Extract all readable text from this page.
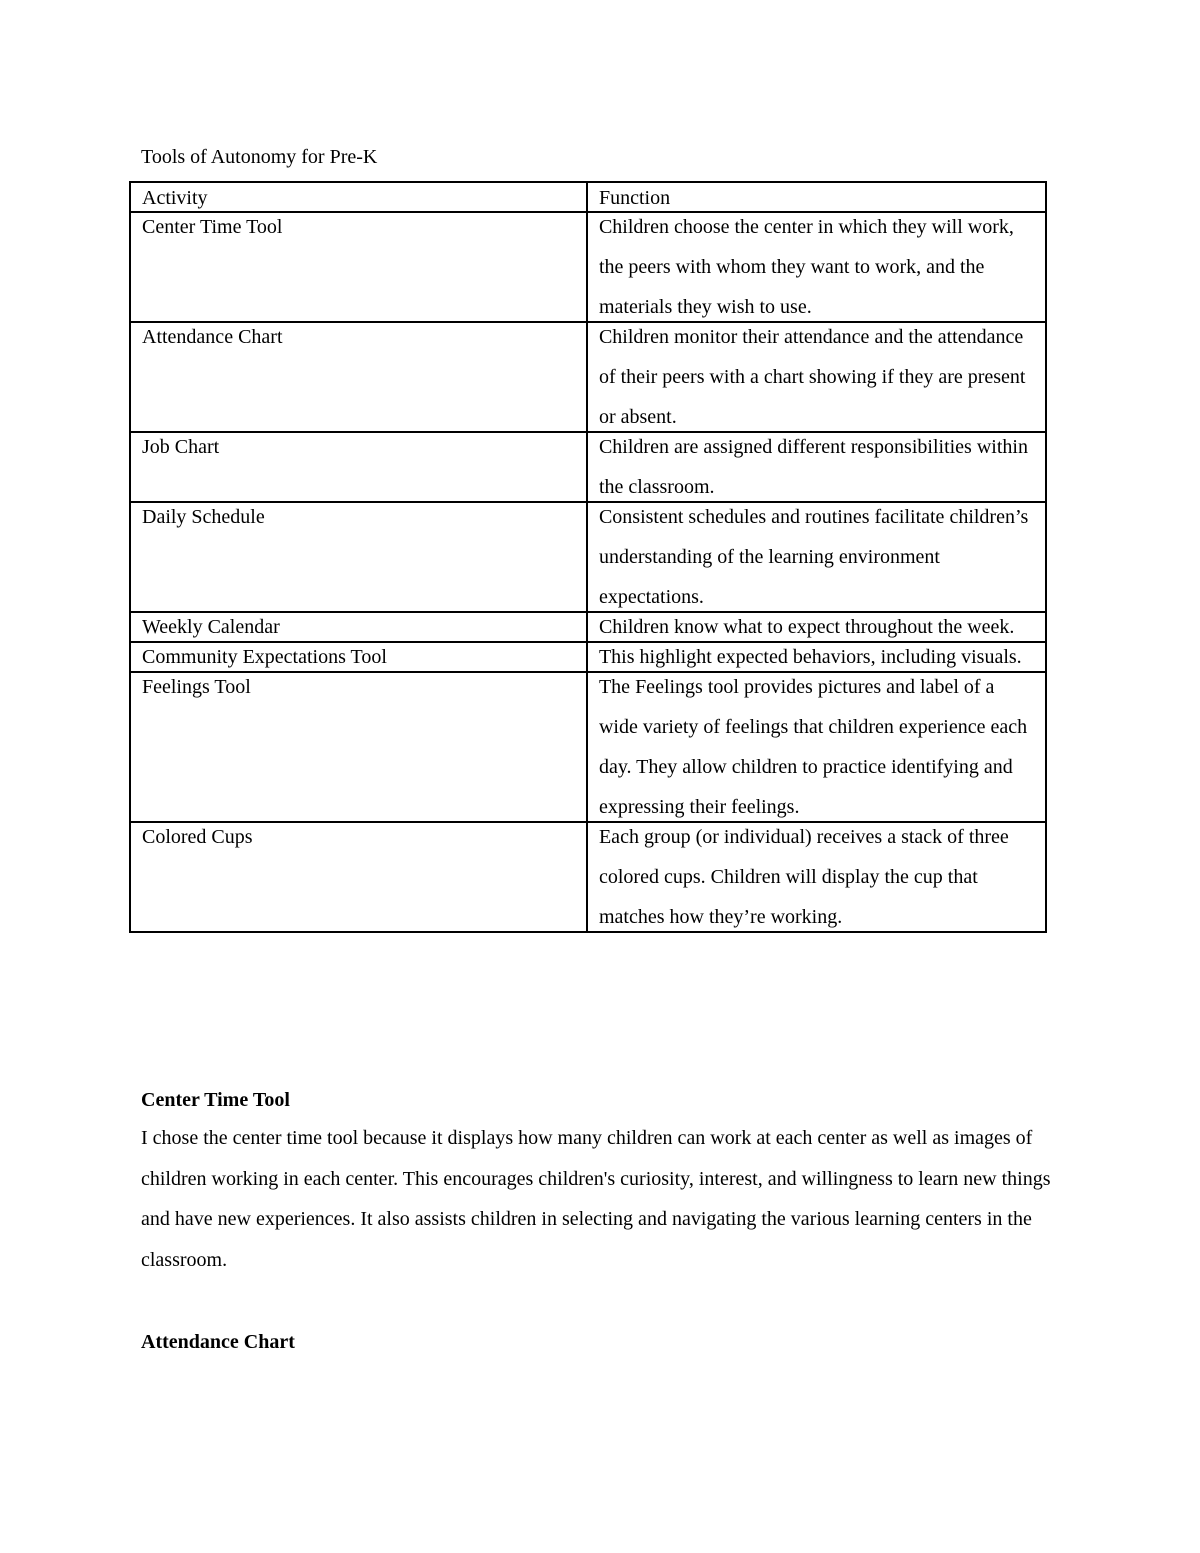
Tools of Autonomy for Pre-K
Activity	Function

Center Time Tool	Children choose the center in which they will work, the peers with whom they want to work, and the materials they wish to use.

Attendance Chart	Children monitor their attendance and the attendance of their peers with a chart showing if they are present or absent.

Job Chart	Children are assigned different responsibilities within the classroom.

Daily Schedule	Consistent schedules and routines facilitate children’s understanding of the learning environment expectations.

Weekly Calendar	Children know what to expect throughout the week.

Community Expectations Tool	This highlight expected behaviors, including visuals.

Feelings Tool	The Feelings tool provides pictures and label of a wide variety of feelings that children experience each day. They allow children to practice identifying and expressing their feelings.

Colored Cups	Each group (or individual) receives a stack of three colored cups. Children will display the cup that matches how they’re working.

Center Time Tool

I chose the center time tool because it displays how many children can work at each center as well as images of children working in each center. This encourages children's curiosity, interest, and willingness to learn new things and have new experiences. It also assists children in selecting and navigating the various learning centers in the classroom.

Attendance Chart
